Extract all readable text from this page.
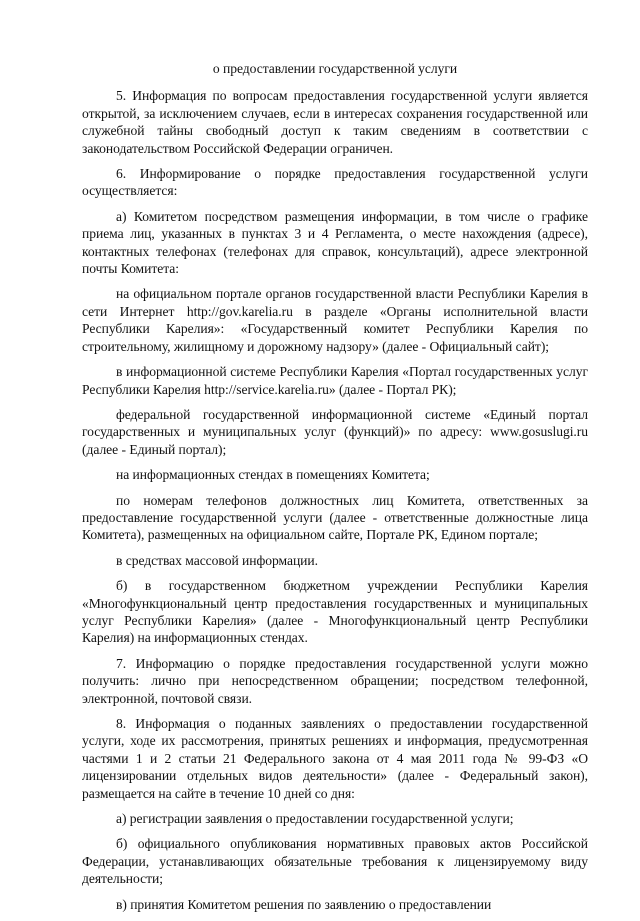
о предоставлении государственной услуги

5. Информация по вопросам предоставления государственной услуги является открытой, за исключением случаев, если в интересах сохранения государственной или служебной тайны свободный доступ к таким сведениям в соответствии с законодательством Российской Федерации ограничен.

6. Информирование о порядке предоставления государственной услуги осуществляется:

а) Комитетом посредством размещения информации, в том числе о графике приема лиц, указанных в пунктах 3 и 4 Регламента, о месте нахождения (адресе), контактных телефонах (телефонах для справок, консультаций), адресе электронной почты Комитета:

на официальном портале органов государственной власти Республики Карелия в сети Интернет http://gov.karelia.ru в разделе «Органы исполнительной власти Республики Карелия»: «Государственный комитет Республики Карелия по строительному, жилищному и дорожному надзору» (далее - Официальный сайт);

в информационной системе Республики Карелия «Портал государственных услуг Республики Карелия http://service.karelia.ru» (далее - Портал РК);

федеральной государственной информационной системе «Единый портал государственных и муниципальных услуг (функций)» по адресу: www.gosuslugi.ru (далее - Единый портал);

на информационных стендах в помещениях Комитета;

по номерам телефонов должностных лиц Комитета, ответственных за предоставление государственной услуги (далее - ответственные должностные лица Комитета), размещенных на официальном сайте, Портале РК, Едином портале;

в средствах массовой информации.

б) в государственном бюджетном учреждении Республики Карелия «Многофункциональный центр предоставления государственных и муниципальных услуг Республики Карелия» (далее - Многофункциональный центр Республики Карелия) на информационных стендах.

7. Информацию о порядке предоставления государственной услуги можно получить: лично при непосредственном обращении; посредством телефонной, электронной, почтовой связи.

8. Информация о поданных заявлениях о предоставлении государственной услуги, ходе их рассмотрения, принятых решениях и информация, предусмотренная частями 1 и 2 статьи 21 Федерального закона от 4 мая 2011 года № 99-ФЗ «О лицензировании отдельных видов деятельности» (далее - Федеральный закон), размещается на сайте в течение 10 дней со дня:

а) регистрации заявления о предоставлении государственной услуги;

б) официального опубликования нормативных правовых актов Российской Федерации, устанавливающих обязательные требования к лицензируемому виду деятельности;

в) принятия Комитетом решения по заявлению о предоставлении
